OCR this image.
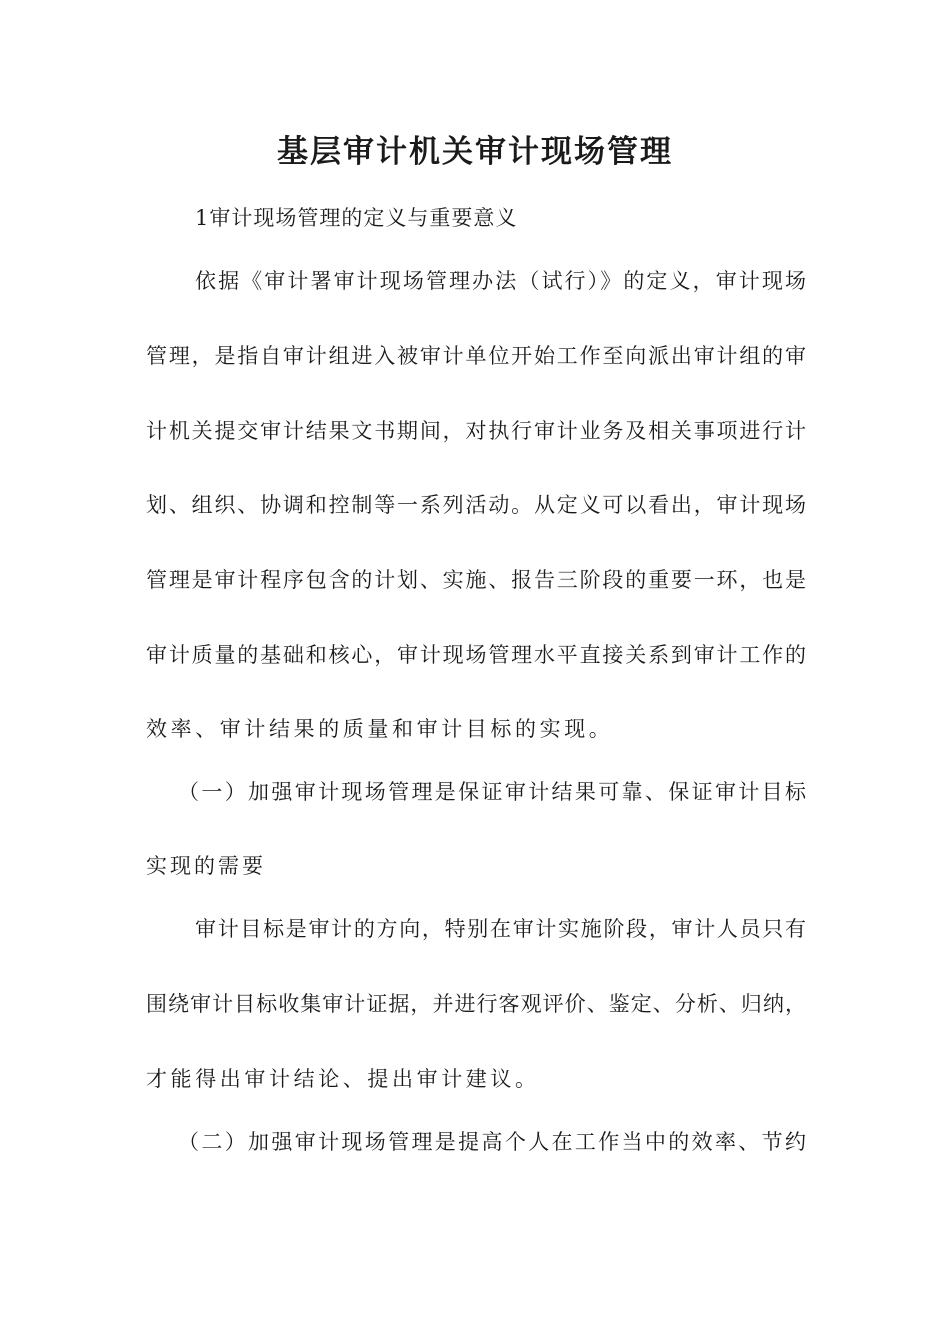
基层审计机关审计现场管理

1审计现场管理的定义与重要意义

依据《审计署审计现场管理办法（试行）》的定义，审计现场

管理，是指自审计组进入被审计单位开始工作至向派出审计组的审

计机关提交审计结果文书期间，对执行审计业务及相关事项进行计

划、组织、协调和控制等一系列活动。从定义可以看出，审计现场

管理是审计程序包含的计划、实施、报告三阶段的重要一环，也是

审计质量的基础和核心，审计现场管理水平直接关系到审计工作的

效率、审计结果的质量和审计目标的实现。

（一）加强审计现场管理是保证审计结果可靠、保证审计目标

实现的需要

审计目标是审计的方向，特别在审计实施阶段，审计人员只有

围绕审计目标收集审计证据，并进行客观评价、鉴定、分析、归纳，

才能得出审计结论、提出审计建议。

（二）加强审计现场管理是提高个人在工作当中的效率、节约
